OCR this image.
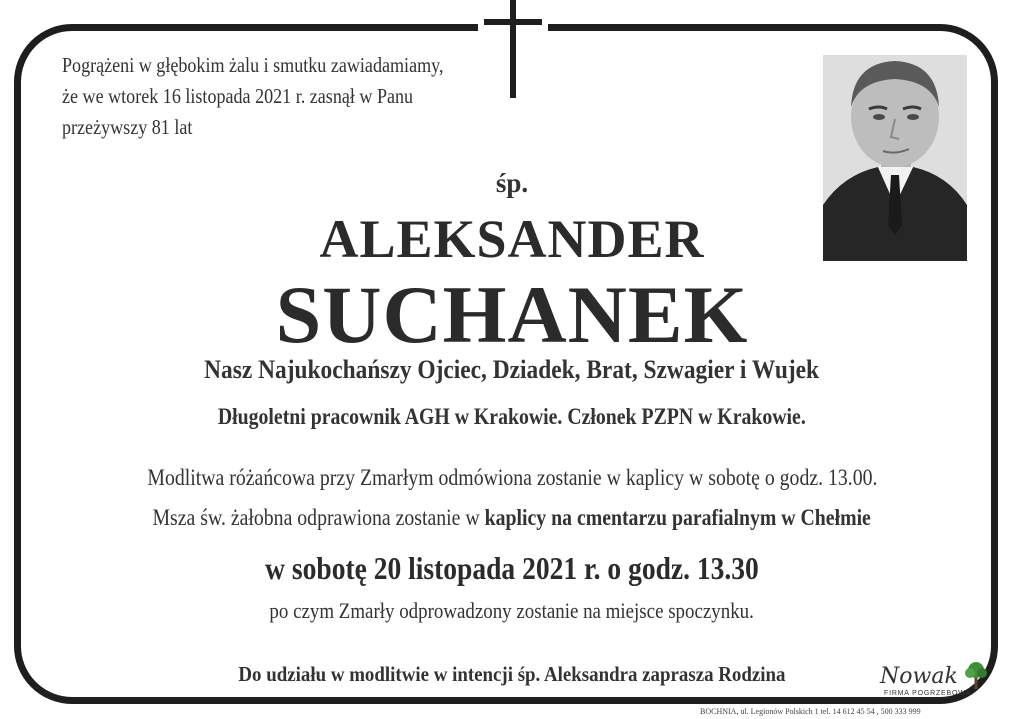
Pogrążeni w głębokim żalu i smutku zawiadamiamy,
że we wtorek 16 listopada 2021 r. zasnął w Panu
przeżywszy 81 lat
śp.
ALEKSANDER
SUCHANEK
Nasz Najukochańszy Ojciec, Dziadek, Brat, Szwagier i Wujek
Długoletni pracownik AGH w Krakowie. Członek PZPN w Krakowie.
Modlitwa różańcowa przy Zmarłym odmówiona zostanie w kaplicy w sobotę o godz. 13.00.
Msza św. żałobna odprawiona zostanie w kaplicy na cmentarzu parafialnym w Chełmie
w sobotę 20 listopada 2021 r. o godz. 13.30
po czym Zmarły odprowadzony zostanie na miejsce spoczynku.
Do udziału w modlitwie w intencji śp. Aleksandra zaprasza Rodzina	Nowak
FIRMA POGRZEBOWA
BOCHNIA, ul. Legionów Polskich 1 tel. 14 612 45 54 , 500 333 999
